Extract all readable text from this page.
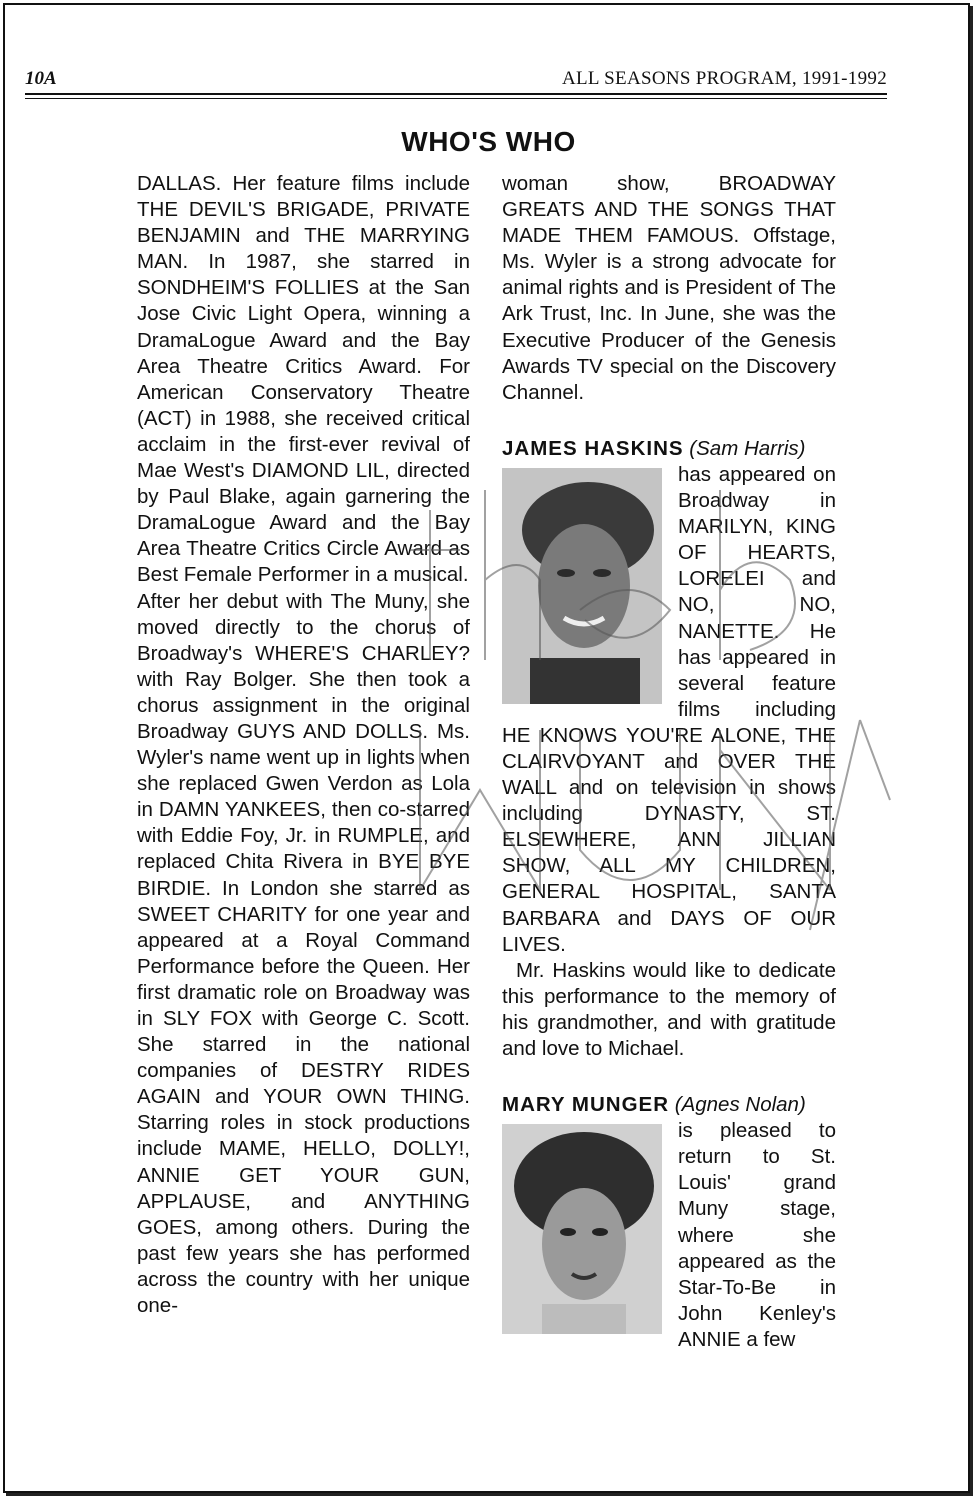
10A	ALL SEASONS PROGRAM, 1991-1992
WHO'S WHO

DALLAS. Her feature films include THE DEVIL'S BRIGADE, PRIVATE BENJAMIN and THE MARRYING MAN. In 1987, she starred in SONDHEIM'S FOLLIES at the San Jose Civic Light Opera, winning a DramaLogue Award and the Bay Area Theatre Critics Award. For American Conservatory Theatre (ACT) in 1988, she received critical acclaim in the first-ever revival of Mae West's DIAMOND LIL, directed by Paul Blake, again garnering the DramaLogue Award and the Bay Area Theatre Critics Circle Award as Best Female Performer in a musical.

After her debut with The Muny, she moved directly to the chorus of Broadway's WHERE'S CHARLEY? with Ray Bolger. She then took a chorus assignment in the original Broadway GUYS AND DOLLS. Ms. Wyler's name went up in lights when she replaced Gwen Verdon as Lola in DAMN YANKEES, then co-starred with Eddie Foy, Jr. in RUMPLE, and replaced Chita Rivera in BYE BYE BIRDIE. In London she starred as SWEET CHARITY for one year and appeared at a Royal Command Performance before the Queen. Her first dramatic role on Broadway was in SLY FOX with George C. Scott. She starred in the national companies of DESTRY RIDES AGAIN and YOUR OWN THING. Starring roles in stock productions include MAME, HELLO, DOLLY!, ANNIE GET YOUR GUN, APPLAUSE, and ANYTHING GOES, among others. During the past few years she has performed across the country with her unique one-

woman show, BROADWAY GREATS AND THE SONGS THAT MADE THEM FAMOUS. Offstage, Ms. Wyler is a strong advocate for animal rights and is President of The Ark Trust, Inc. In June, she was the Executive Producer of the Genesis Awards TV special on the Discovery Channel.

JAMES HASKINS (Sam Harris)

has appeared on Broadway in MARILYN, KING OF HEARTS, LORELEI and NO, NO, NANETTE. He has appeared in several feature films including HE KNOWS YOU'RE ALONE, THE CLAIRVOYANT and OVER THE WALL and on television in shows including DYNASTY, ST. ELSEWHERE, ANN JILLIAN SHOW, ALL MY CHILDREN, GENERAL HOSPITAL, SANTA BARBARA and DAYS OF OUR LIVES.

Mr. Haskins would like to dedicate this performance to the memory of his grandmother, and with gratitude and love to Michael.

MARY MUNGER (Agnes Nolan)

is pleased to return to St. Louis' grand Muny stage, where she appeared as the Star-To-Be in John Kenley's ANNIE a few
